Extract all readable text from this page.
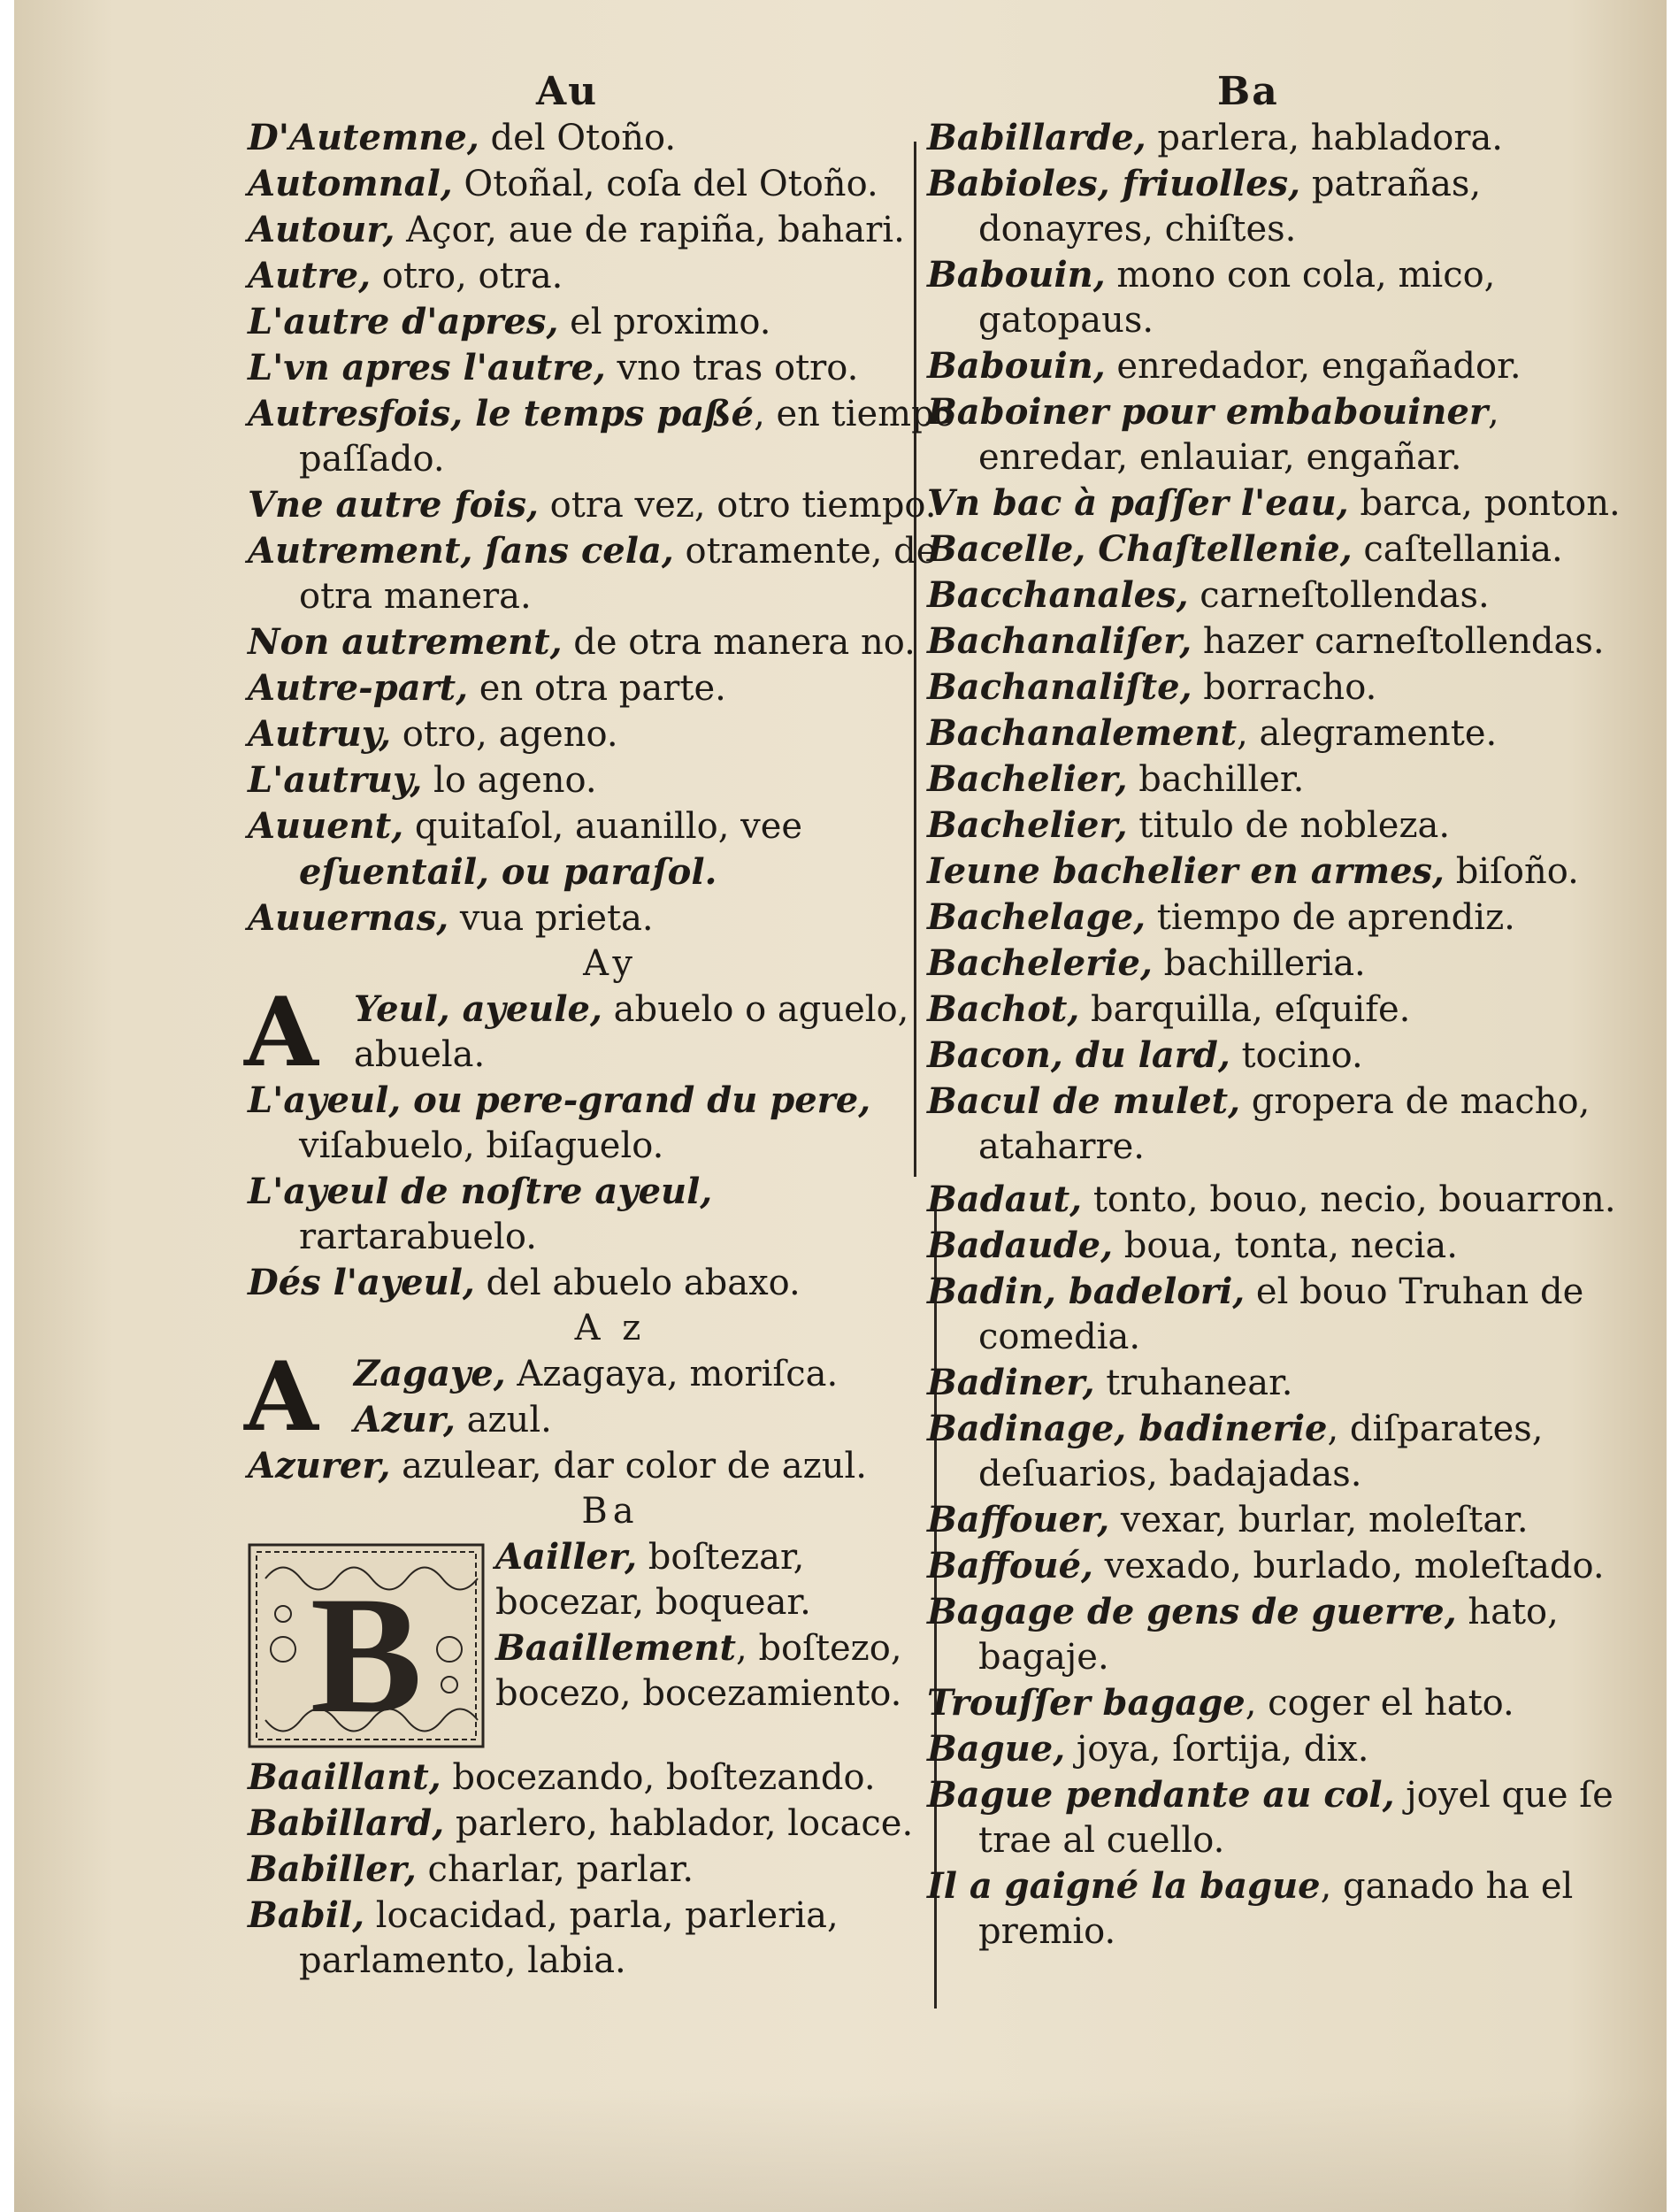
Au	Ba

D'Autemne, del Otoño.

Automnal, Otoñal, coſa del Otoño.

Autour, Açor, aue de rapiña, bahari.

Autre, otro, otra.

L'autre d'apres, el proximo.

L'vn apres l'autre, vno tras otro.

Autresfois, le temps paßé, en tiempo paſſado.

Vne autre fois, otra vez, otro tiempo.

Autrement, ſans cela, otramente, de otra manera.

Non autrement, de otra manera no.

Autre-part, en otra parte.

Autruy, otro, ageno.

L'autruy, lo ageno.

Auuent, quitaſol, auanillo, vee eſuentail, ou paraſol.

Auuernas, vua prieta.

Ay

A Yeul, ayeule, abuelo o aguelo, abuela.

L'ayeul, ou pere-grand du pere, viſabuelo, biſaguelo.

L'ayeul de noſtre ayeul, rartarabuelo.

Dés l'ayeul, del abuelo abaxo.

A z

A Zagaye, Azagaya, moriſca.
Azur, azul.

Azurer, azulear, dar color de azul.

Ba

B
Aailler, boſtezar, bocezar, boquear.
Baaillement, boſtezo, bocezo, bocezamiento.

Baaillant, bocezando, boſtezando.

Babillard, parlero, hablador, locace.

Babiller, charlar, parlar.

Babil, locacidad, parla, parleria, parlamento, labia.

Babillarde, parlera, habladora.

Babioles, friuolles, patrañas, donayres, chiſtes.

Babouin, mono con cola, mico, gatopaus.

Babouin, enredador, engañador.

Baboiner pour embabouiner, enredar, enlauiar, engañar.

Vn bac à paſſer l'eau, barca, ponton.

Bacelle, Chaſtellenie, caſtellania.

Bacchanales, carneſtollendas.

Bachanaliſer, hazer carneſtollendas.

Bachanaliſte, borracho.

Bachanalement, alegramente.

Bachelier, bachiller.

Bachelier, titulo de nobleza.

Ieune bachelier en armes, biſoño.

Bachelage, tiempo de aprendiz.

Bachelerie, bachilleria.

Bachot, barquilla, eſquife.

Bacon, du lard, tocino.

Bacul de mulet, gropera de macho, ataharre.

Badaut, tonto, bouo, necio, bouarron.

Badaude, boua, tonta, necia.

Badin, badelori, el bouo Truhan de comedia.

Badiner, truhanear.

Badinage, badinerie, diſparates, deſuarios, badajadas.

Baffouer, vexar, burlar, moleſtar.

Baffoué, vexado, burlado, moleſtado.

Bagage de gens de guerre, hato, bagaje.

Trouſſer bagage, coger el hato.

Bague, joya, ſortija, dix.

Bague pendante au col, joyel que ſe trae al cuello.

Il a gaigné la bague, ganado ha el premio.
